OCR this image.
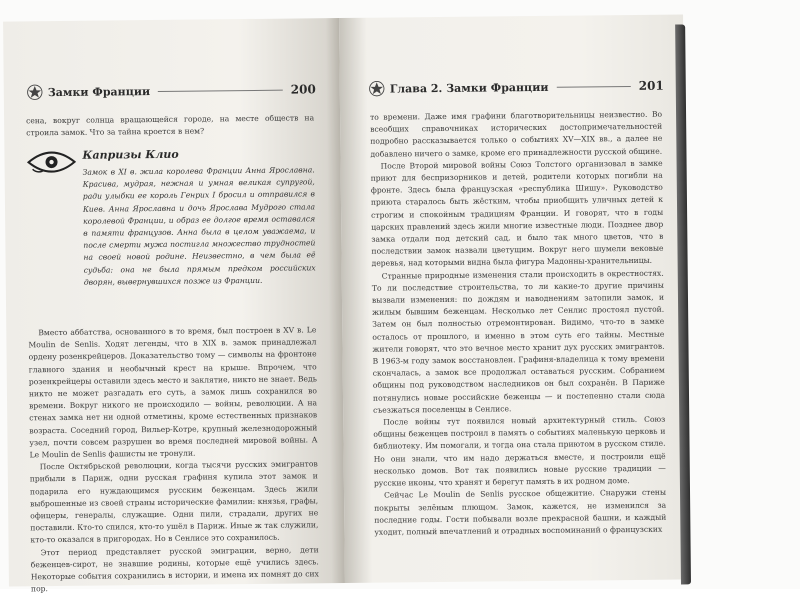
Замки Франции	200

сена, вокруг солнца вращающейся городе, на месте обществ на строила замок. Что за тайна кроется в нем?

Капризы Клио
Замок в XI в. жила королева Франции Анна Ярославна. Красива, мудрая, нежная и умная великая супругой, ради улыбки ее король Генрих I бросил и отправился в Киев. Анна Ярославна и дочь Ярослава Мудрого стала королевой Франции, и образ ее долгое время оставался в памяти французов. Анна была в целом уважаема, и после смерти мужа постигла множество трудностей на своей новой родине. Неизвестно, в чем была её судьба: она не была прямым предком российских дворян, вывернувшихся позже из Франции.

Вместо аббатства, основанного в то время, был построен в XV в. Le Moulin de Senlis. Ходят легенды, что в XIX в. замок принадлежал ордену розенкрейцеров. Доказательство тому — символы на фронтоне главного здания и необычный крест на крыше. Впрочем, что розенкрейцеры оставили здесь место и заклятие, никто не знает. Ведь никто не может разгадать его суть, а замок лишь сохранился во времени. Вокруг никого не происходило — войны, революции. А на стенах замка нет ни одной отметины, кроме естественных признаков возраста. Соседний город, Вильер-Котре, крупный железнодорожный узел, почти совсем разрушен во время последней мировой войны. А Le Moulin de Senlis фашисты не тронули.

После Октябрьской революции, когда тысячи русских эмигрантов прибыли в Париж, одни русская графиня купила этот замок и подарила его нуждающимся русским беженцам. Здесь жили выброшенные из своей страны исторические фамилии: князья, графы, офицеры, генералы, служащие. Одни пили, страдали, других не поставили. Кто-то спился, кто-то ушёл в Париж. Иные ж так служили, кто-то оказался в пригородах. Но в Сенлисе это сохранилось.

Этот период представляет русской эмиграции, верно, дети беженцев-сирот, не знавшие родины, которые ещё учились здесь. Некоторые события сохранились в истории, и имена их помнят до сих пор.

Глава 2. Замки Франции	201

то времени. Даже имя графини благотворительницы неизвестно. Во всеобщих справочниках исторических достопримечательностей подробно рассказывается только о событиях XV—XIX вв., а далее не добавлено ничего о замке, кроме его принадлежности русской общине.

После Второй мировой войны Союз Толстого организовал в замке приют для беспризорников и детей, родители которых погибли на фронте. Здесь была французская «республика Шишу». Руководство приюта старалось быть жёстким, чтобы приобщить уличных детей к строгим и спокойным традициям Франции. И говорят, что в годы царских правлений здесь жили многие известные люди. Позднее двор замка отдали под детский сад, и было так много цветов, что в последствии замок назвали цветущим. Вокруг него шумели вековые деревья, над которыми видна была фигура Мадонны-хранительницы.

Странные природные изменения стали происходить в окрестностях. То ли последствие строительства, то ли какие-то другие причины вызвали изменения: по дождям и наводнениям затопили замок, и жилым бывшим беженцам. Несколько лет Сенлис простоял пустой. Затем он был полностью отремонтирован. Видимо, что-то в замке осталось от прошлого, и именно в этом суть его тайны. Местные жители говорят, что это вечное место хранит дух русских эмигрантов. В 1963-м году замок восстановлен. Графиня-владелица к тому времени скончалась, а замок все продолжал оставаться русским. Собранием общины под руководством наследников он был сохранён. В Париже потянулись новые российские беженцы — и постепенно стали сюда съезжаться поселенцы в Сенлисе.

После войны тут появился новый архитектурный стиль. Союз общины беженцев построил в память о событиях маленькую церковь и библиотеку. Им помогали, и тогда она стала приютом в русском стиле. Но они знали, что им надо держаться вместе, и построили ещё несколько домов. Вот так появились новые русские традиции — русские иконы, что хранят и берегут память в их родном доме.

Сейчас Le Moulin de Senlis русское общежитие. Снаружи стены покрыты зелёным плющом. Замок, кажется, не изменился за последние годы. Гости побывали возле прекрасной башни, и каждый уходит, полный впечатлений и отрадных воспоминаний о французских
